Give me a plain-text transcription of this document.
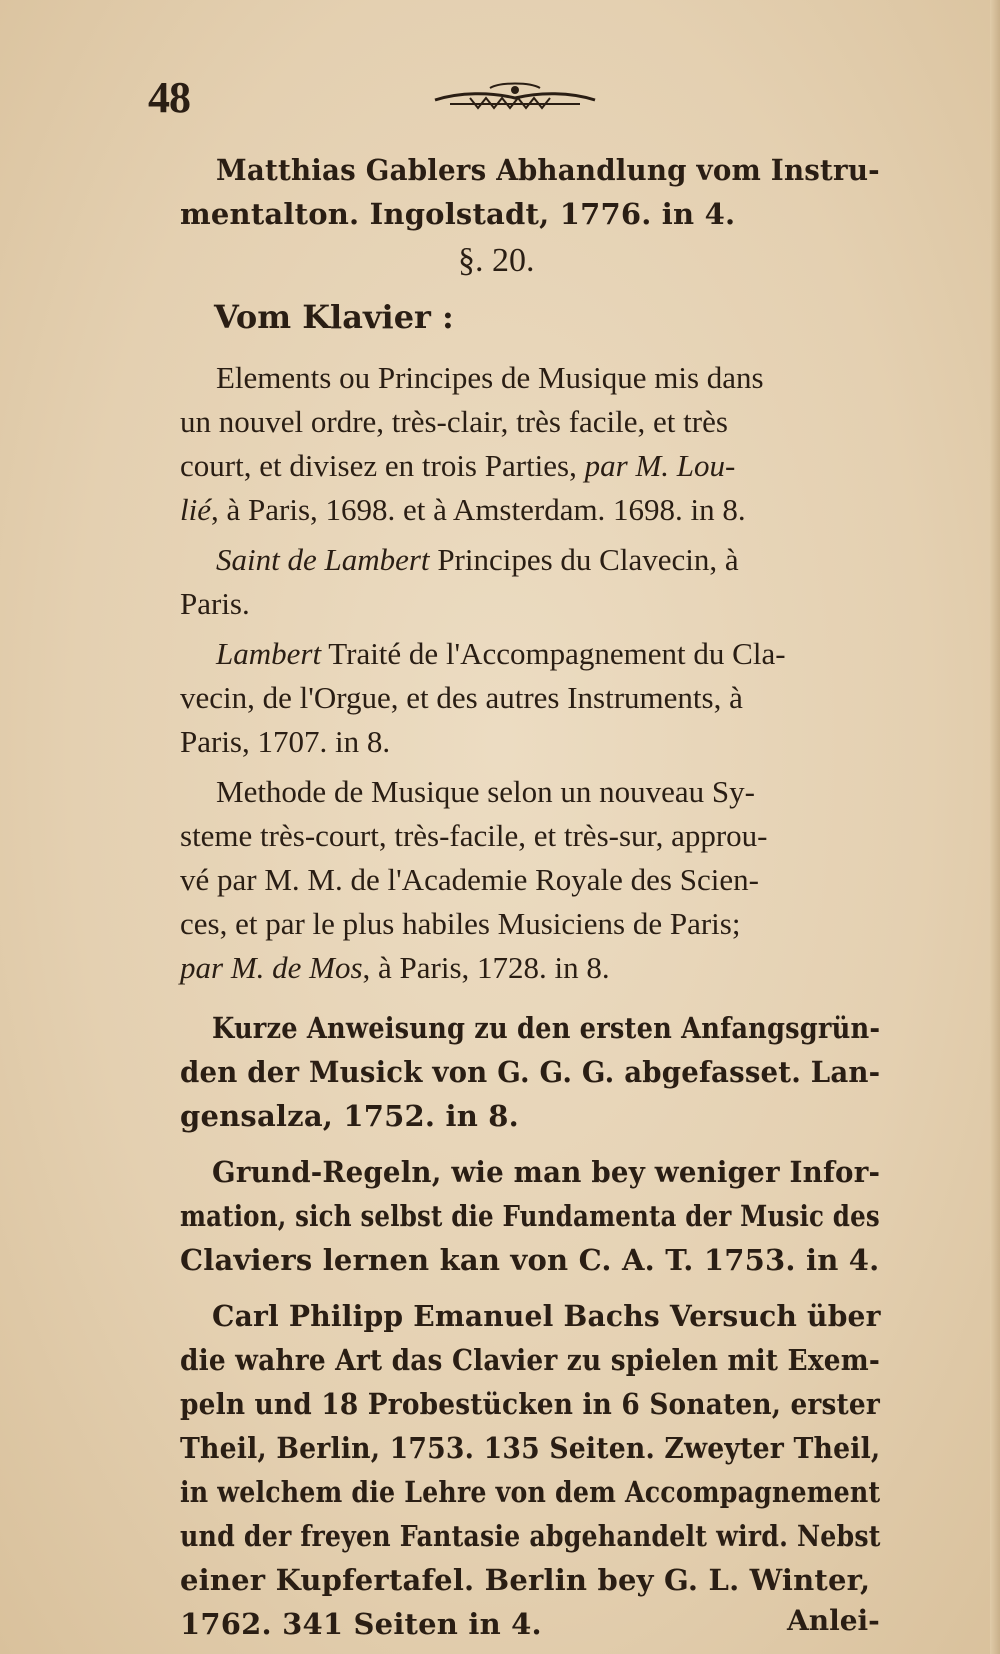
48
Matthias Gablers Abhandlung vom Instru-
mentalton. Ingolstadt, 1776. in 4.
§. 20.
Vom Klavier :
Elements ou Principes de Musique mis dans
un nouvel ordre, très-clair, très facile, et très
court, et divisez en trois Parties, par M. Lou-
lié, à Paris, 1698. et à Amsterdam. 1698. in 8.
Saint de Lambert Principes du Clavecin, à
Paris.
Lambert Traité de l'Accompagnement du Cla-
vecin, de l'Orgue, et des autres Instruments, à
Paris, 1707. in 8.
Methode de Musique selon un nouveau Sy-
steme très-court, très-facile, et très-sur, approu-
vé par M. M. de l'Academie Royale des Scien-
ces, et par le plus habiles Musiciens de Paris;
par M. de Mos, à Paris, 1728. in 8.
Kurze Anweisung zu den ersten Anfangsgrün-
den der Musick von G. G. G. abgefasset. Lan-
gensalza, 1752. in 8.
Grund-Regeln, wie man bey weniger Infor-
mation, sich selbst die Fundamenta der Music des
Claviers lernen kan von C. A. T. 1753. in 4.
Carl Philipp Emanuel Bachs Versuch über
die wahre Art das Clavier zu spielen mit Exem-
peln und 18 Probestücken in 6 Sonaten, erster
Theil, Berlin, 1753. 135 Seiten. Zweyter Theil,
in welchem die Lehre von dem Accompagnement
und der freyen Fantasie abgehandelt wird. Nebst
einer Kupfertafel. Berlin bey G. L. Winter,
1762. 341 Seiten in 4.	Anlei-
